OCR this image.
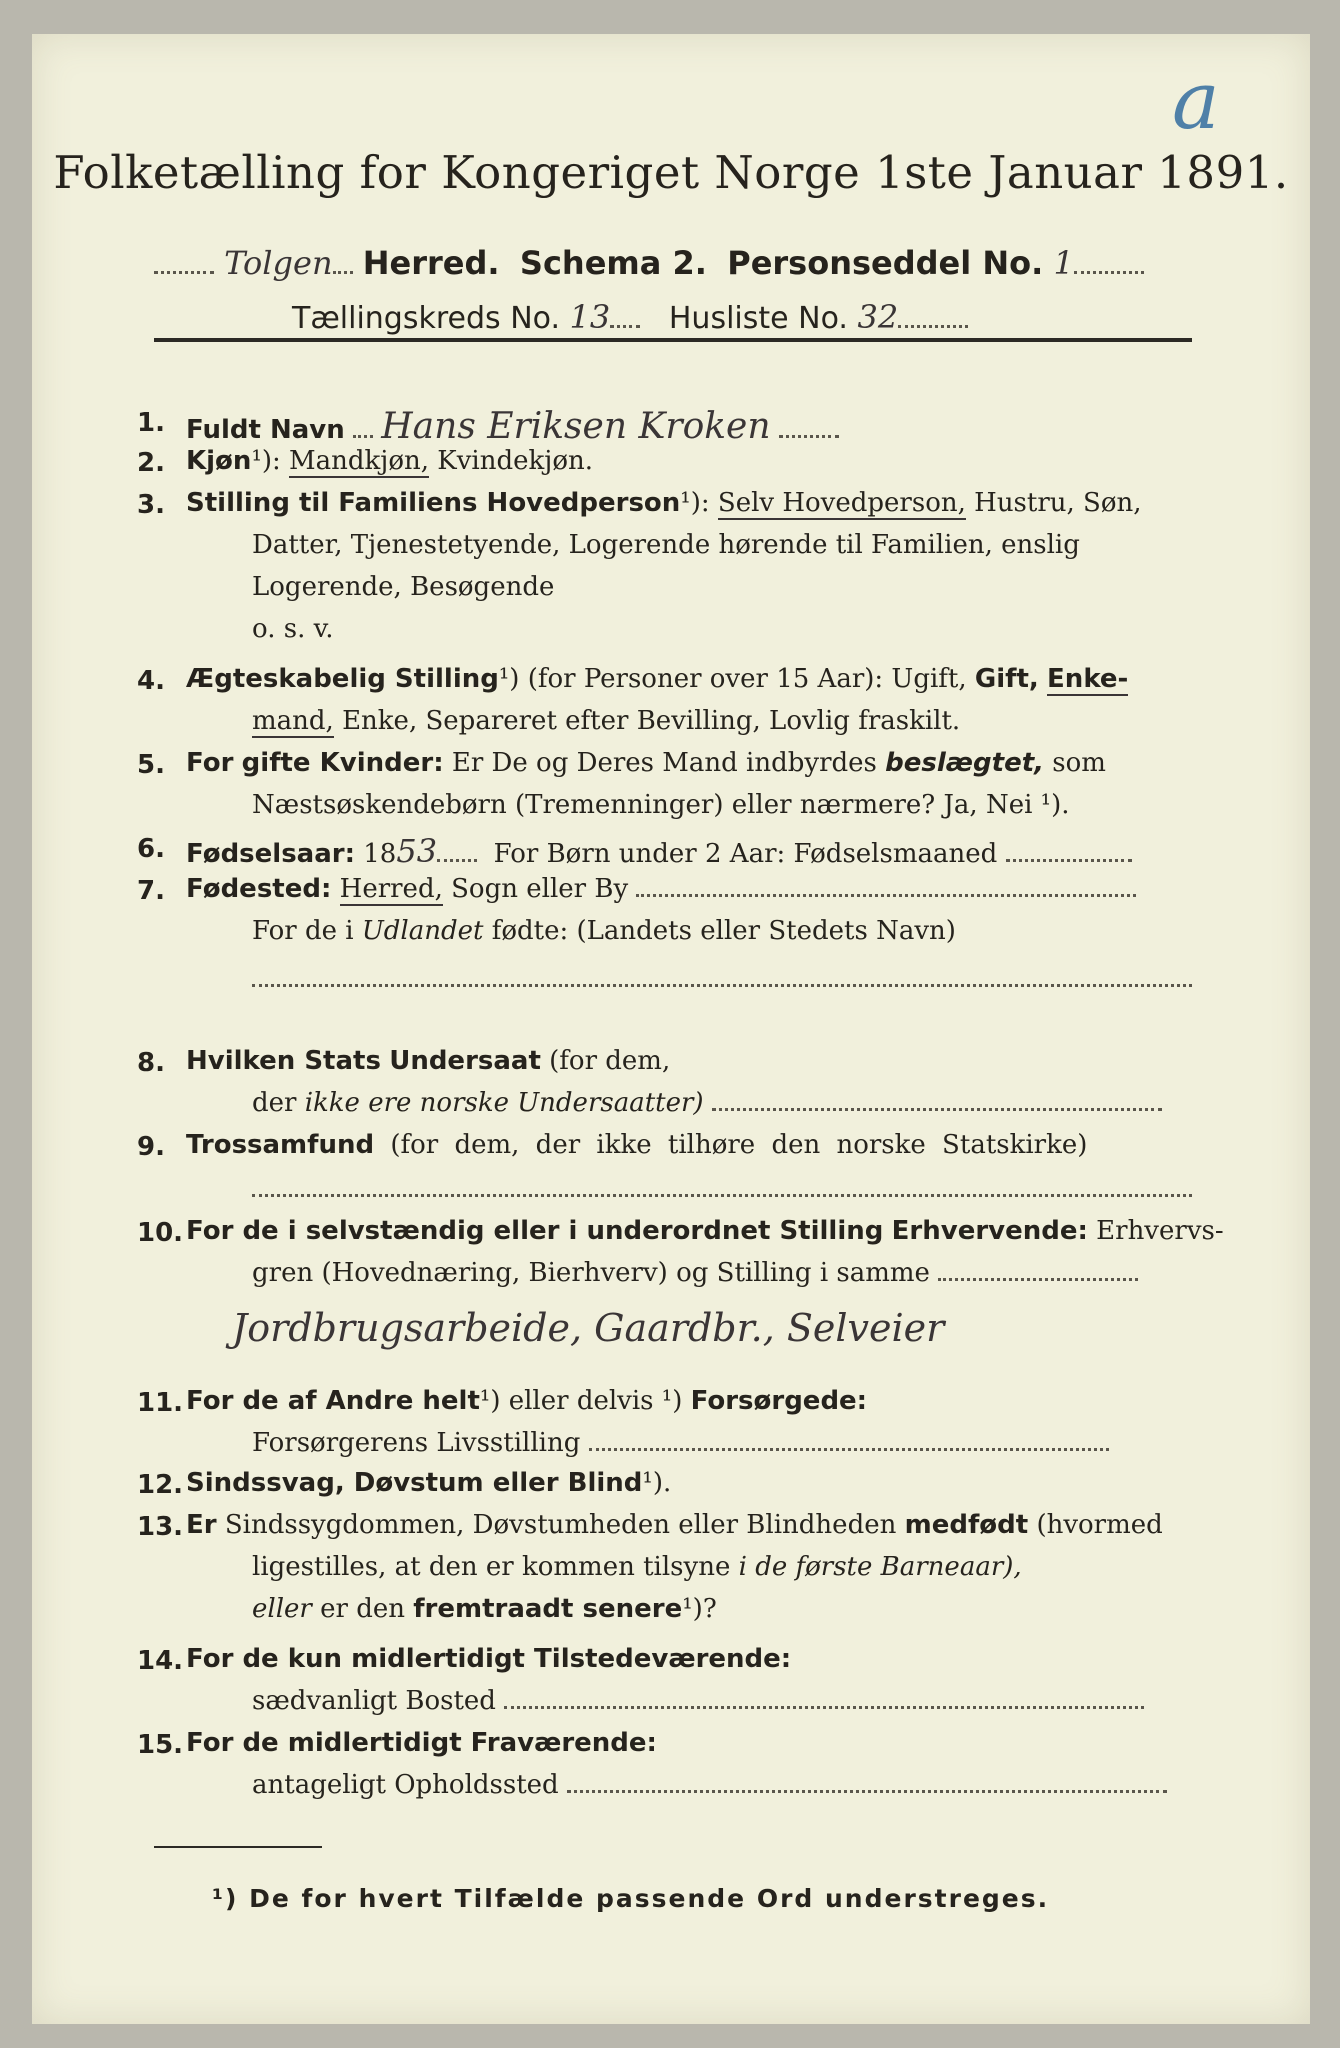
a
Folketælling for Kongeriget Norge 1ste Januar 1891.
Tolgen Herred. Schema 2. Personseddel No. 1
Tællingskreds No. 13 Husliste No. 32
1. Fuldt Navn Hans Eriksen Kroken
2. Kjøn¹): Mandkjøn, Kvindekjøn.
3. Stilling til Familiens Hovedperson¹): Selv Hovedperson, Hustru, Søn,
Datter, Tjenestetyende, Logerende hørende til Familien, enslig
Logerende, Besøgende
o. s. v.
4. Ægteskabelig Stilling¹) (for Personer over 15 Aar): Ugift, Gift, Enke-
mand, Enke, Separeret efter Bevilling, Lovlig fraskilt.
5. For gifte Kvinder: Er De og Deres Mand indbyrdes beslægtet, som
Næstsøskendebørn (Tremenninger) eller nærmere? Ja, Nei ¹).
6. Fødselsaar: 1853 For Børn under 2 Aar: Fødselsmaaned
7. Fødested: Herred, Sogn eller By
For de i Udlandet fødte: (Landets eller Stedets Navn)
8. Hvilken Stats Undersaat (for dem,
der ikke ere norske Undersaatter)
9. Trossamfund (for dem, der ikke tilhøre den norske Statskirke)
10. For de i selvstændig eller i underordnet Stilling Erhvervende: Erhvervs-
gren (Hovednæring, Bierhverv) og Stilling i samme
Jordbrugsarbeide, Gaardbr., Selveier
11. For de af Andre helt¹) eller delvis ¹) Forsørgede:
Forsørgerens Livsstilling
12. Sindssvag, Døvstum eller Blind¹).
13. Er Sindssygdommen, Døvstumheden eller Blindheden medfødt (hvormed
ligestilles, at den er kommen tilsyne i de første Barneaar),
eller er den fremtraadt senere¹)?
14. For de kun midlertidigt Tilstedeværende:
sædvanligt Bosted
15. For de midlertidigt Fraværende:
antageligt Opholdssted
¹) De for hvert Tilfælde passende Ord understreges.
